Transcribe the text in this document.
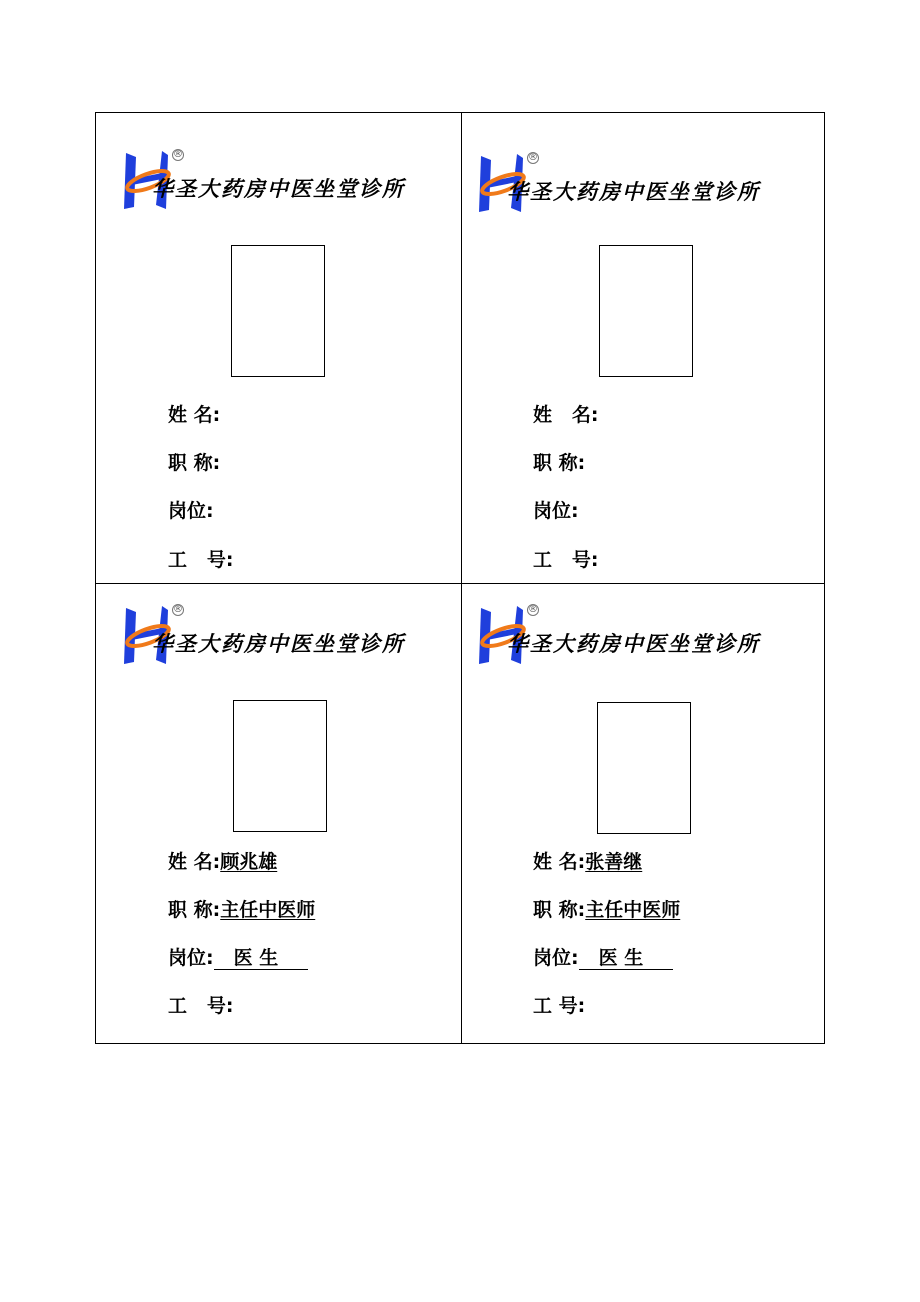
®
华圣大药房中医坐堂诊所
姓 名:
职 称:
岗位:
工   号:
®
华圣大药房中医坐堂诊所
姓   名:
职 称:
岗位:
工   号:
®
华圣大药房中医坐堂诊所
姓 名:顾兆雄
职 称:主任中医师
岗位: 医 生
工   号:
®
华圣大药房中医坐堂诊所
姓 名:张善继
职 称:主任中医师
岗位: 医 生
工 号:
